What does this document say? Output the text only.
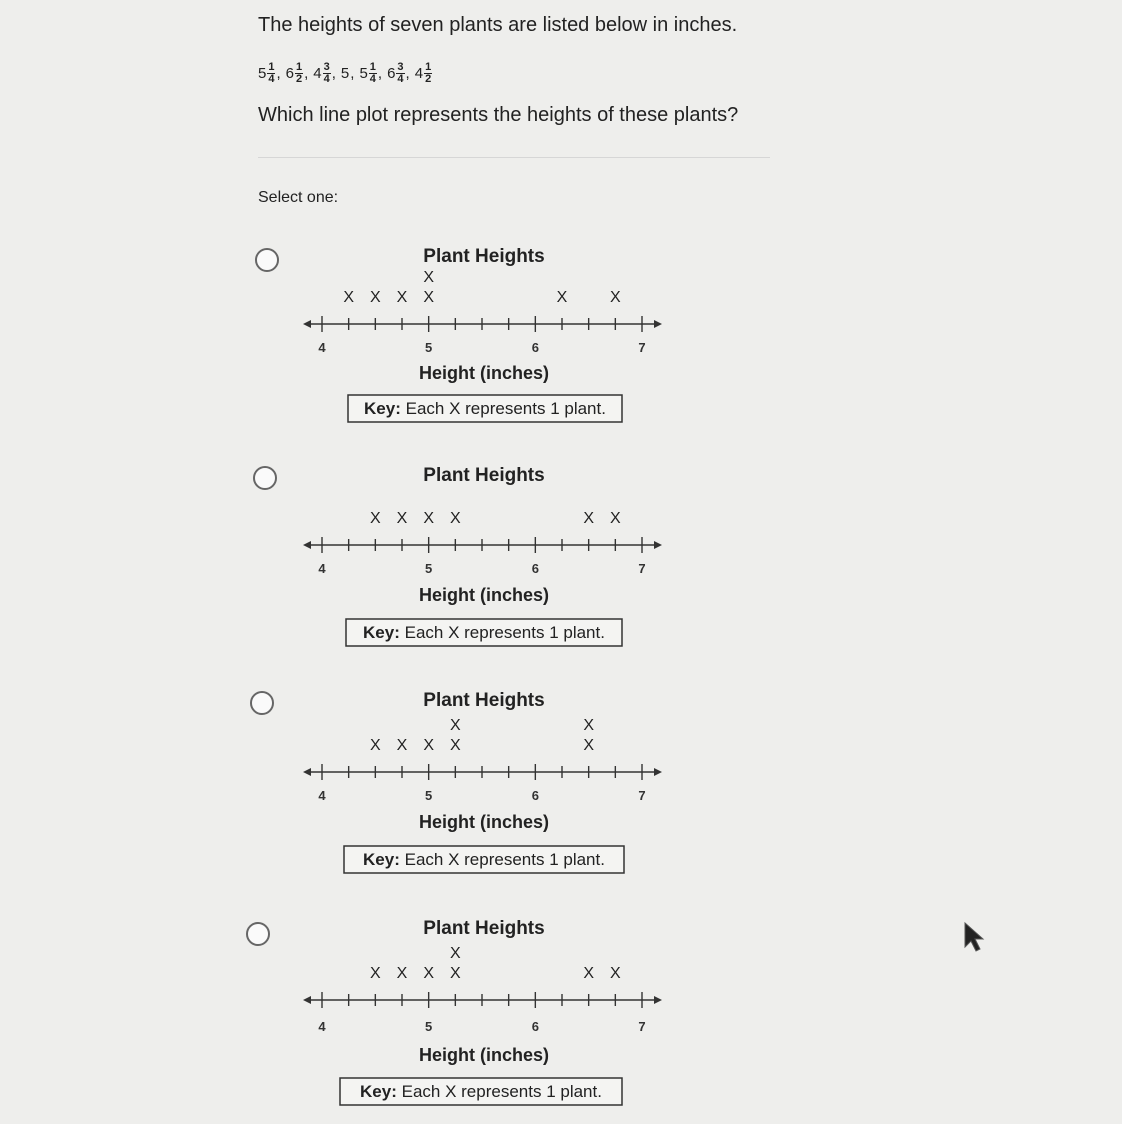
The heights of seven plants are listed below in inches.

$5 \frac{1}{4}$ , $6 \frac{1}{2}$ , $4 \frac{3}{4}$ , 5 , $5 \frac{1}{4}$ , $6 \frac{3}{4}$ , $4 \frac{1}{2}$
Which line plot represents the heights of these plants?
Select one:
Plant Heights
4	5	6	7
X X X X
X
X	X
Height (inches)
Key: Each X represents 1 plant.
Plant Heights
4	5	6	7
X X X X	X X
Height (inches)
Key: Each X represents 1 plant.
Plant Heights
4	5	6	7
X X X X
X
X
X
Height (inches)
Key: Each X represents 1 plant.
Plant Heights
4	5	6	7
X X X X
X
X X
Height (inches)
Key: Each X represents 1 plant.
